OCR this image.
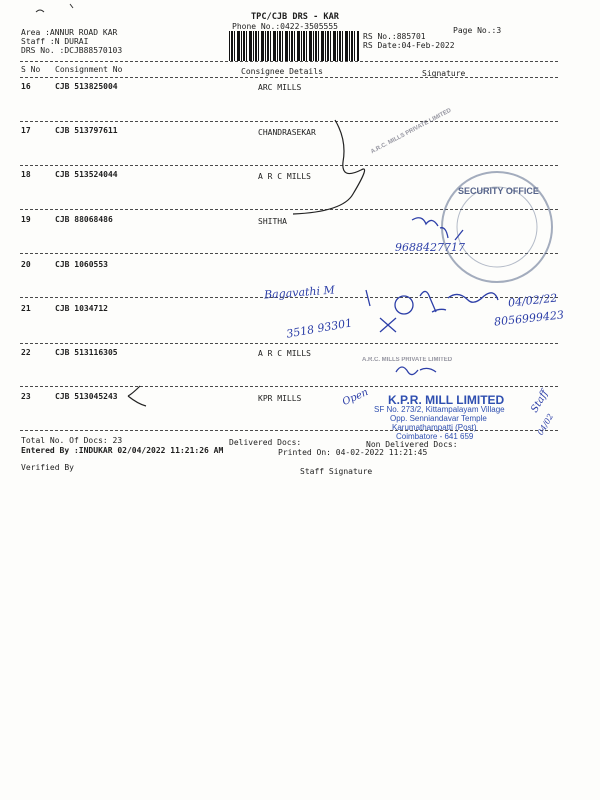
TPC/CJB DRS - KAR
Phone No.:0422-3505555	Page No.:3
Area :ANNUR ROAD KAR
Staff :N DURAI
DRS No. :DCJB88570103
RS No.:885701
RS Date:04-Feb-2022
S No Consignment No	Consignee Details	Signature
16	CJB 513825004	ARC MILLS
17	CJB 513797611	CHANDRASEKAR
18	CJB 513524044	A R C MILLS
19	CJB 88068486	SHITHA
20	CJB 1060553
21	CJB 1034712
22	CJB 513116305	A R C MILLS
23	CJB 513045243	KPR MILLS
Total No. Of Docs: 23	Delivered Docs:	Non Delivered Docs:
Entered By :INDUKAR 02/04/2022 11:21:26 AM	Printed On: 04-02-2022 11:21:45
Verified By	Staff Signature
A.R.C. MILLS PRIVATE LIMITED
A.R.C. MILLS PRIVATE LIMITED
SECURITY OFFICE
K.P.R. MILL LIMITED
SF No. 273/2, Kittampalayam Village
Opp. Senniandavar Temple
Karumathampatti (Post)
Coimbatore - 641 659
9688427717
Bagavathi M
3518 93301
04/02/22
8056999423
Open	Staff
04/02
